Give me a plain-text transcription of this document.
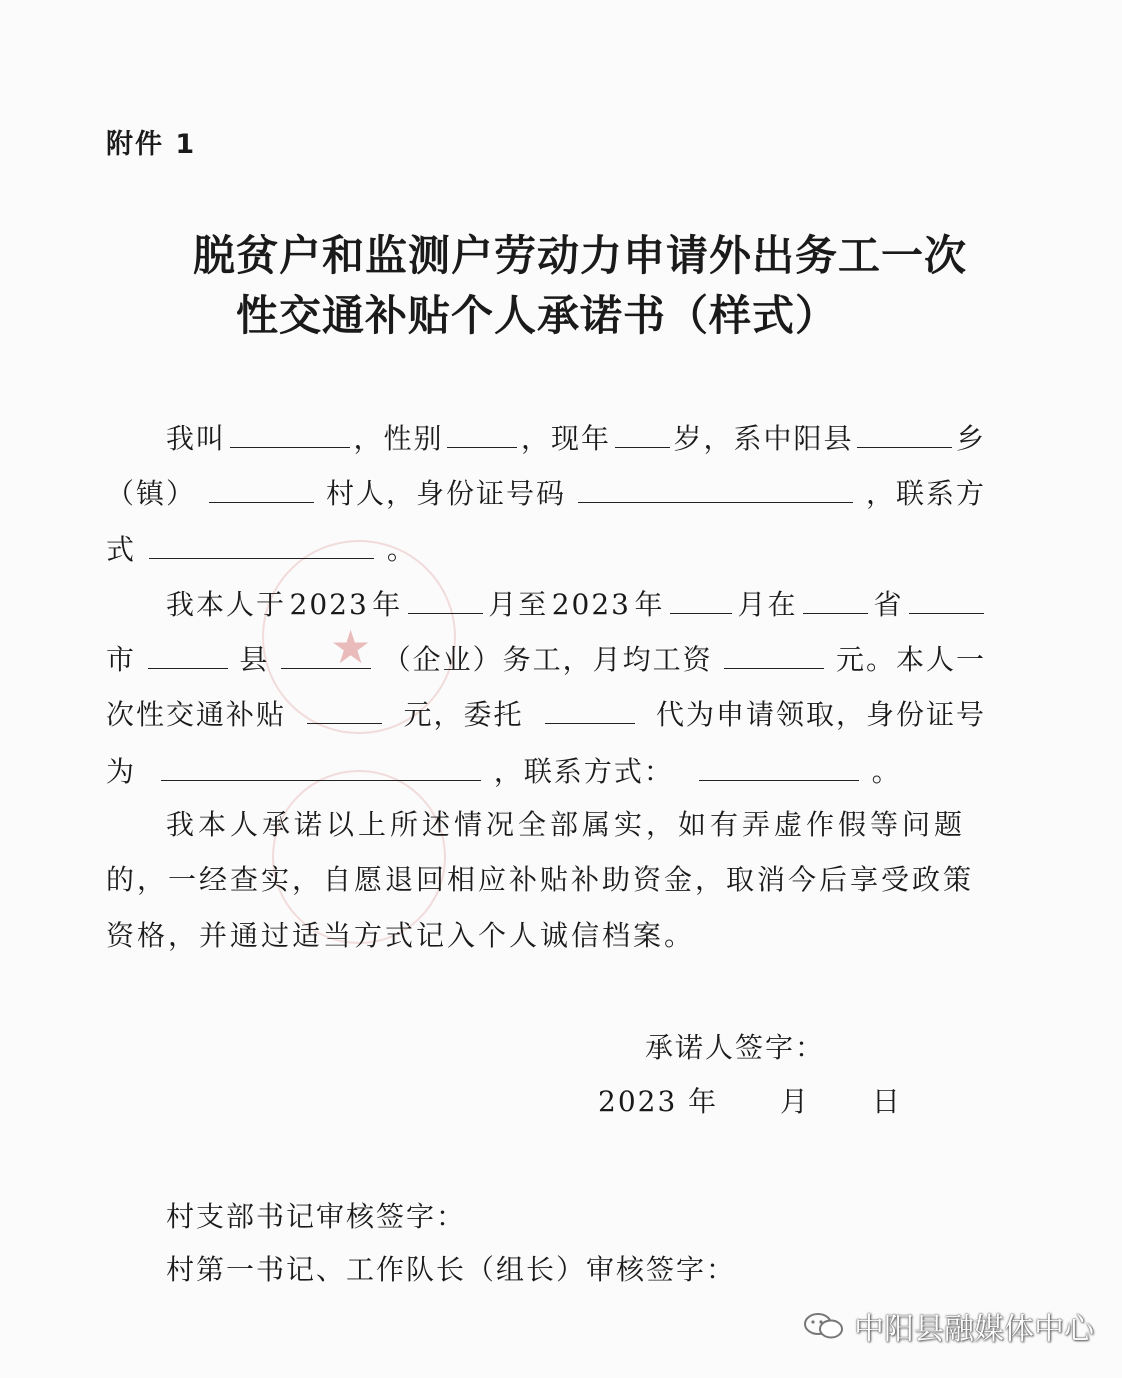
★
附件 1
脱贫户和监测户劳动力申请外出务工一次
性交通补贴个人承诺书（样式）
我叫	，性别	，现年 岁，系中阳县	乡
（镇）	村人，身份证号码	，联系方
式	。
我本人于 2023 年	月至 2023 年	月在	省
市	县	（企业）务工，月均工资	元。本人一
次性交通补贴	元，委托	代为申请领取，身份证号
为	，联系方式：	。
我本人承诺以上所述情况全部属实，如有弄虚作假等问题
的，一经查实，自愿退回相应补贴补助资金，取消今后享受政策
资格，并通过适当方式记入个人诚信档案。
承诺人签字：
2023 年 月 日
村支部书记审核签字：
村第一书记、工作队长（组长）审核签字：
中阳县融媒体中心
